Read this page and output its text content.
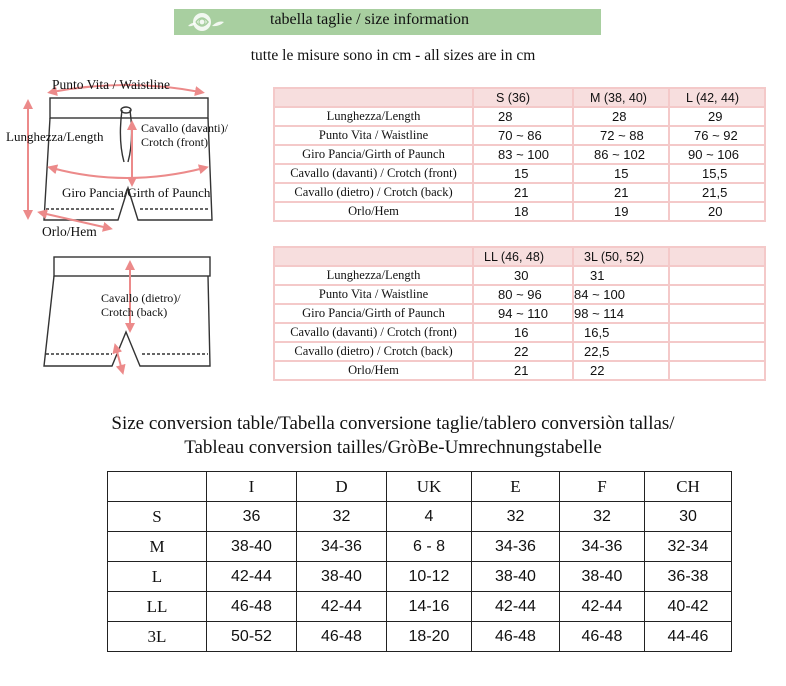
tabella taglie / size information
tutte le misure sono in cm - all sizes are in cm
Punto Vita / Waistline
Lunghezza/Length
Cavallo (davanti)/
Crotch (front)
Giro Pancia/Girth of Paunch
Orlo/Hem
Cavallo (dietro)/
Crotch (back)
	S (36)	M (38, 40)	L (42, 44)
Lunghezza/Length	28	28	29
Punto Vita / Waistline	70 ~ 86	72 ~ 88	76 ~ 92
Giro Pancia/Girth of Paunch	83 ~ 100	86 ~ 102	90 ~ 106
Cavallo (davanti) / Crotch (front)	15	15	15,5
Cavallo (dietro) / Crotch (back)	21	21	21,5
Orlo/Hem	18	19	20
	LL (46, 48)	3L (50, 52)	
Lunghezza/Length	30	31	
Punto Vita / Waistline	80 ~ 96	84 ~ 100	
Giro Pancia/Girth of Paunch	94 ~ 110	98 ~ 114	
Cavallo (davanti) / Crotch (front)	16	16,5	
Cavallo (dietro) / Crotch (back)	22	22,5	
Orlo/Hem	21	22	
Size conversion table/Tabella conversione taglie/tablero conversiòn tallas/
Tableau conversion tailles/GròBe-Umrechnungstabelle
	I	D	UK	E	F	CH
S	36	32	4	32	32	30
M	38-40	34-36	6 - 8	34-36	34-36	32-34
L	42-44	38-40	10-12	38-40	38-40	36-38
LL	46-48	42-44	14-16	42-44	42-44	40-42
3L	50-52	46-48	18-20	46-48	46-48	44-46
